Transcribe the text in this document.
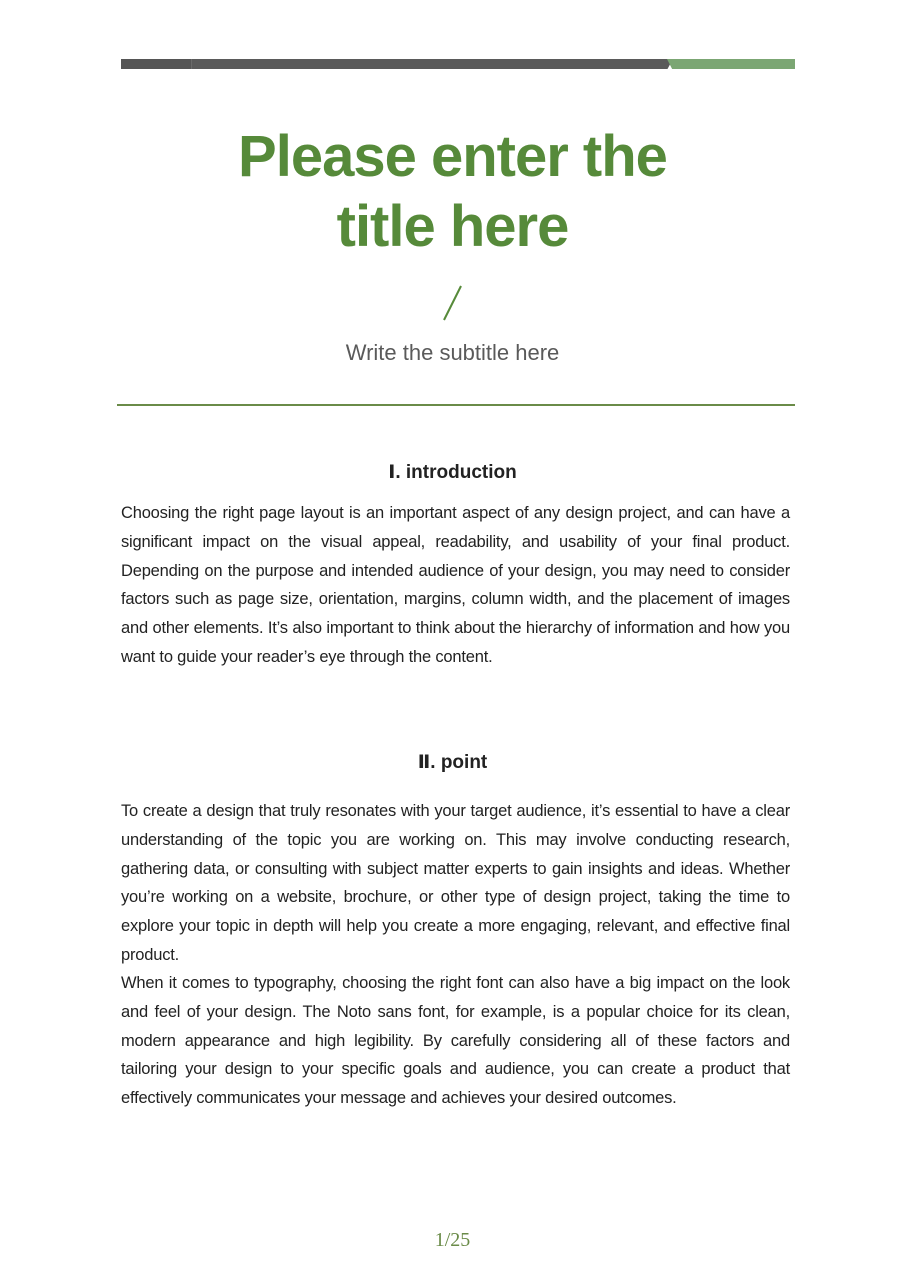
Please enter the
title here

Write the subtitle here

Ⅰ. introduction

Choosing the right page layout is an important aspect of any design project, and can have a significant impact on the visual appeal, readability, and usability of your final product. Depending on the purpose and intended audience of your design, you may need to consider factors such as page size, orientation, margins, column width, and the placement of images and other elements. It’s also important to think about the hierarchy of information and how you want to guide your reader’s eye through the content.

Ⅱ. point

To create a design that truly resonates with your target audience, it’s essential to have a clear understanding of the topic you are working on. This may involve conducting research, gathering data, or consulting with subject matter experts to gain insights and ideas. Whether you’re working on a website, brochure, or other type of design project, taking the time to explore your topic in depth will help you create a more engaging, relevant, and effective final product.

When it comes to typography, choosing the right font can also have a big impact on the look and feel of your design. The Noto sans font, for example, is a popular choice for its clean, modern appearance and high legibility. By carefully considering all of these factors and tailoring your design to your specific goals and audience, you can create a product that effectively communicates your message and achieves your desired outcomes.

1/25
